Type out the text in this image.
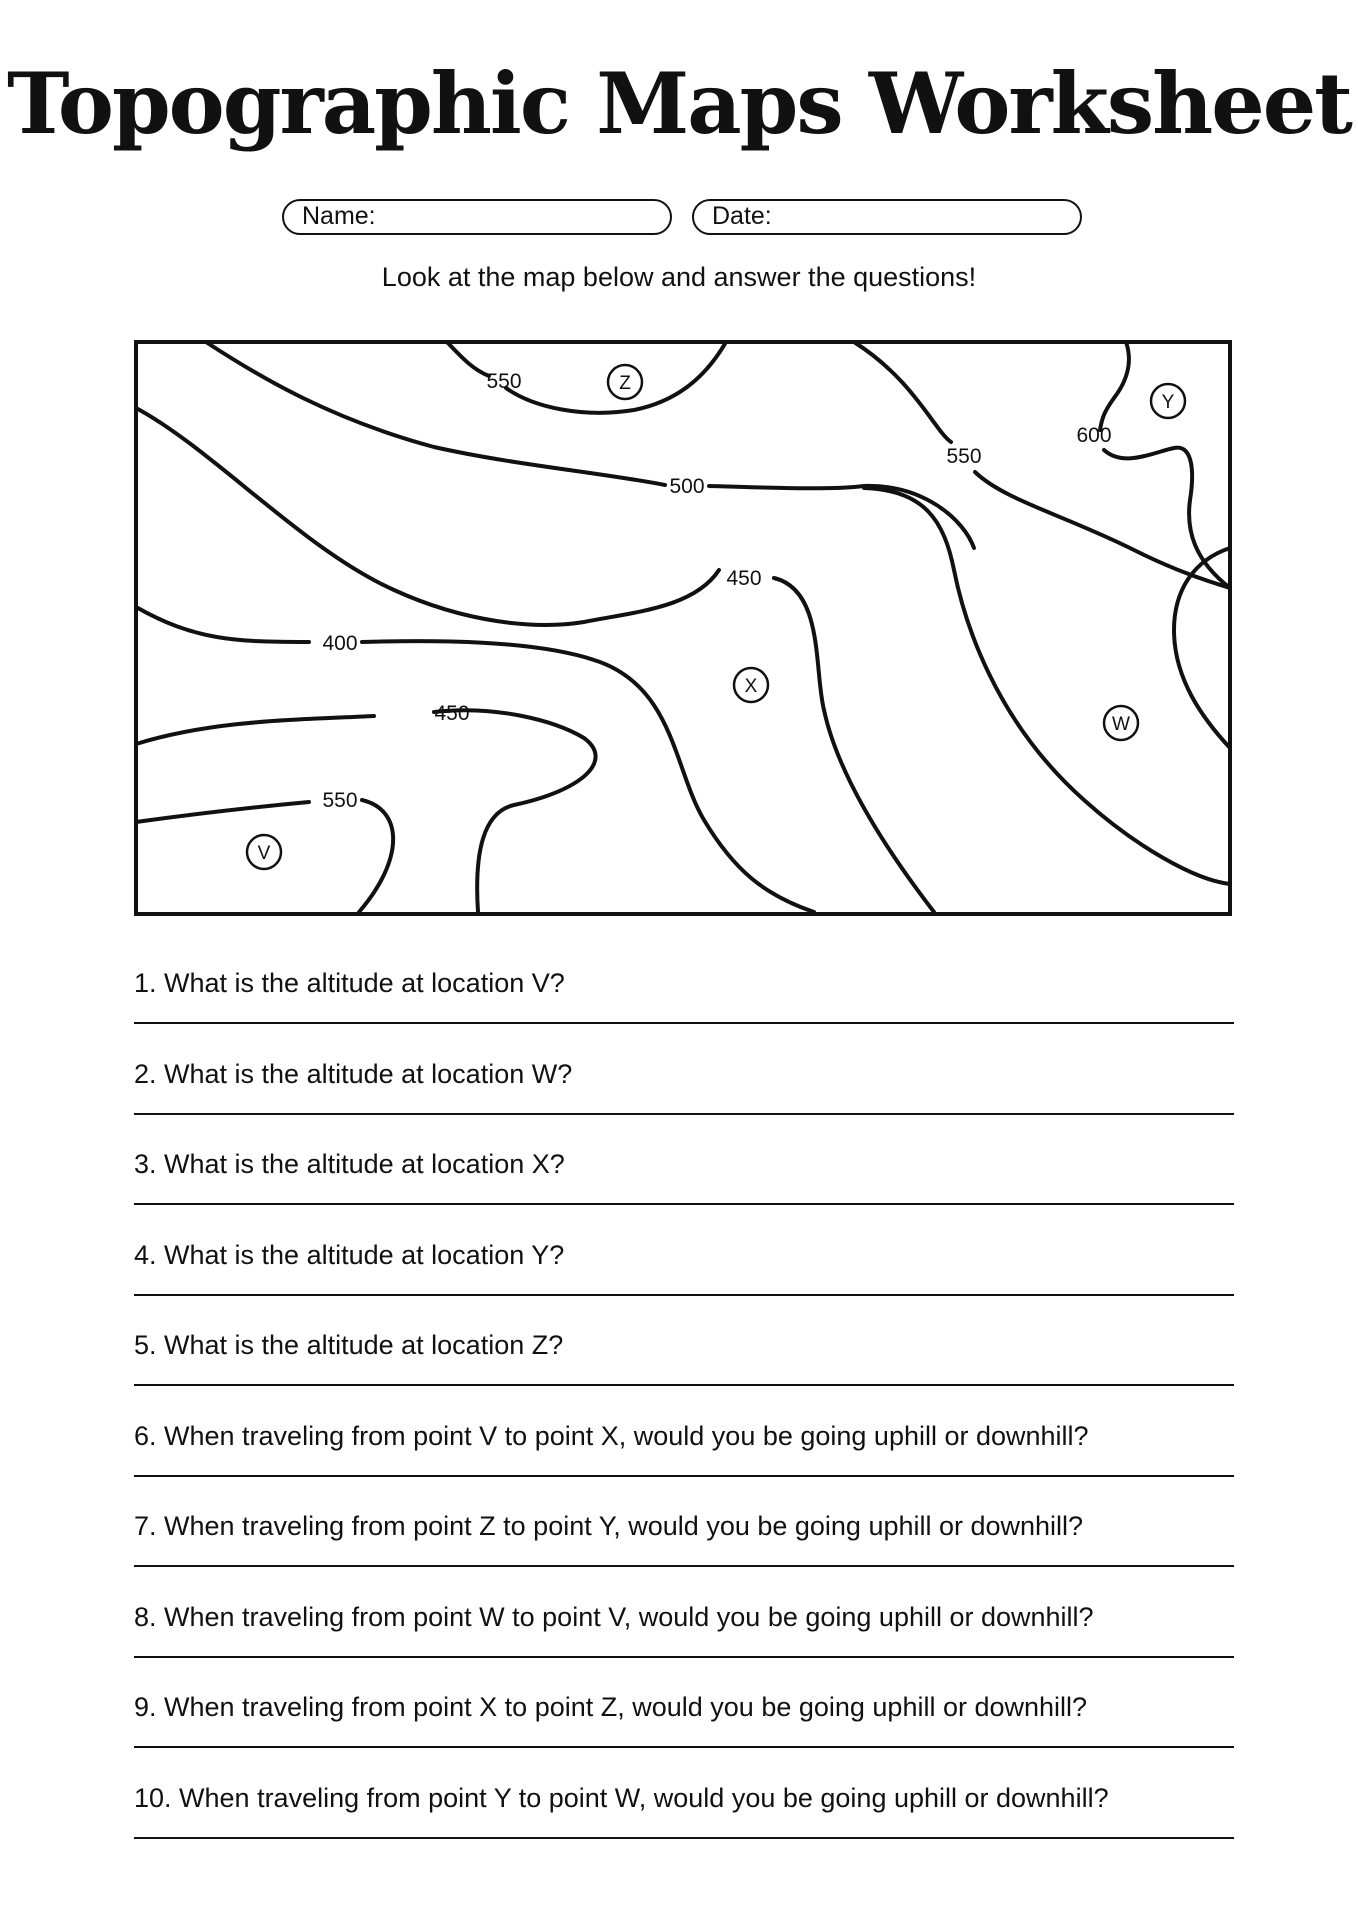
Topographic Maps Worksheet
Name:	Date:

Look at the map below and answer the questions!

550
500
550
600
450
400
450
550
Z
Y
X
W
V
1. What is the altitude at location V?
2. What is the altitude at location W?
3. What is the altitude at location X?
4. What is the altitude at location Y?
5. What is the altitude at location Z?
6. When traveling from point V to point X, would you be going uphill or downhill?
7. When traveling from point Z to point Y, would you be going uphill or downhill?
8. When traveling from point W to point V, would you be going uphill or downhill?
9. When traveling from point X to point Z, would you be going uphill or downhill?
10. When traveling from point Y to point W, would you be going uphill or downhill?
